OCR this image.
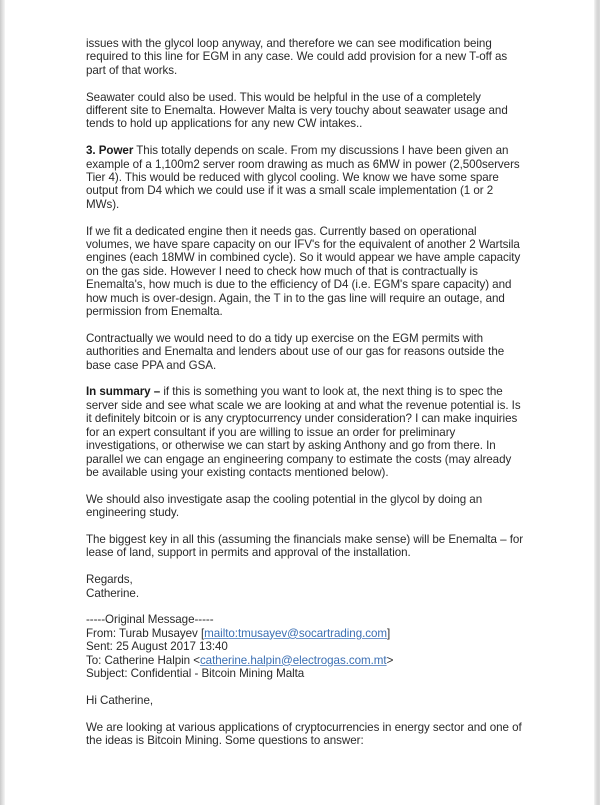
issues with the glycol loop anyway, and therefore we can see modification being
required to this line for EGM in any case. We could add provision for a new T-off as
part of that works.

Seawater could also be used. This would be helpful in the use of a completely
different site to Enemalta. However Malta is very touchy about seawater usage and
tends to hold up applications for any new CW intakes..

3. Power This totally depends on scale. From my discussions I have been given an
example of a 1,100m2 server room drawing as much as 6MW in power (2,500servers
Tier 4). This would be reduced with glycol cooling. We know we have some spare
output from D4 which we could use if it was a small scale implementation (1 or 2
MWs).

If we fit a dedicated engine then it needs gas. Currently based on operational
volumes, we have spare capacity on our IFV's for the equivalent of another 2 Wartsila
engines (each 18MW in combined cycle). So it would appear we have ample capacity
on the gas side. However I need to check how much of that is contractually is
Enemalta's, how much is due to the efficiency of D4 (i.e. EGM's spare capacity) and
how much is over-design. Again, the T in to the gas line will require an outage, and
permission from Enemalta.

Contractually we would need to do a tidy up exercise on the EGM permits with
authorities and Enemalta and lenders about use of our gas for reasons outside the
base case PPA and GSA.

In summary – if this is something you want to look at, the next thing is to spec the
server side and see what scale we are looking at and what the revenue potential is. Is
it definitely bitcoin or is any cryptocurrency under consideration? I can make inquiries
for an expert consultant if you are willing to issue an order for preliminary
investigations, or otherwise we can start by asking Anthony and go from there. In
parallel we can engage an engineering company to estimate the costs (may already
be available using your existing contacts mentioned below).

We should also investigate asap the cooling potential in the glycol by doing an
engineering study.

The biggest key in all this (assuming the financials make sense) will be Enemalta – for
lease of land, support in permits and approval of the installation.

Regards,
Catherine.

-----Original Message-----
From: Turab Musayev [mailto:tmusayev@socartrading.com]
Sent: 25 August 2017 13:40
To: Catherine Halpin <catherine.halpin@electrogas.com.mt>
Subject: Confidential - Bitcoin Mining Malta

Hi Catherine,

We are looking at various applications of cryptocurrencies in energy sector and one of
the ideas is Bitcoin Mining. Some questions to answer:
